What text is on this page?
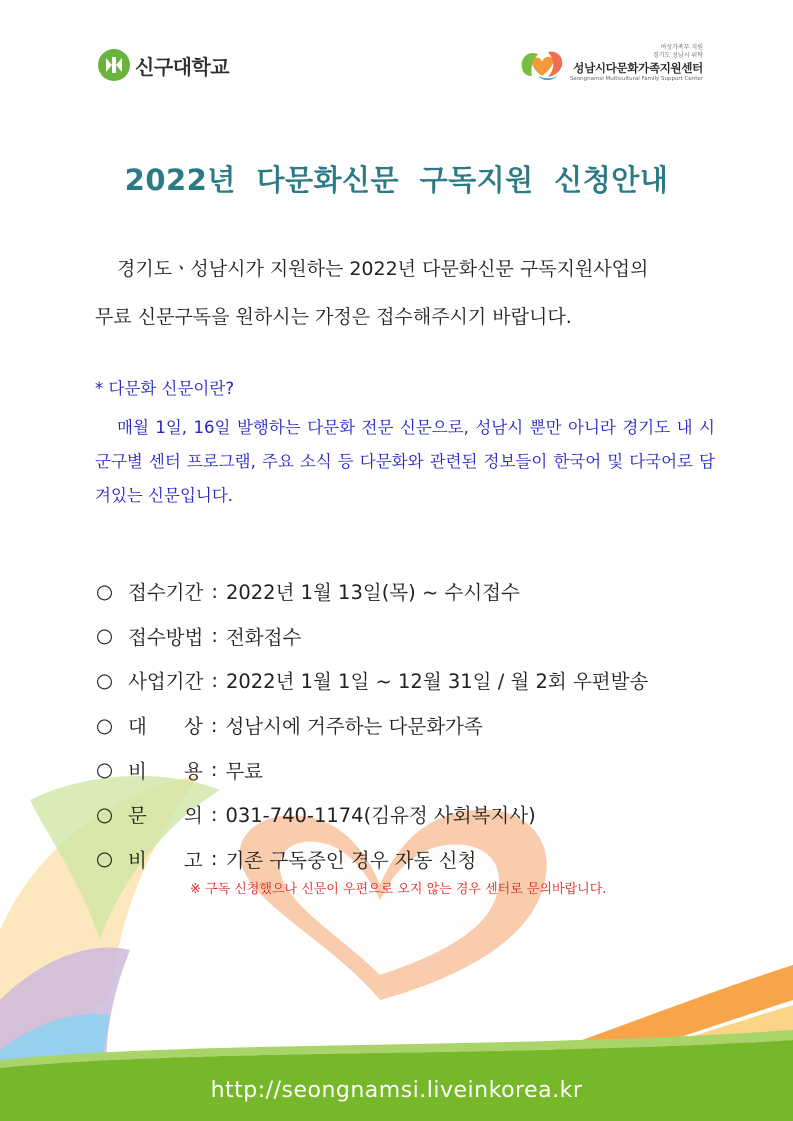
신구대학교
여성가족부 지원
경기도 성남시 위탁
성남시다문화가족지원센터
Seongnamsi Multicultural Family Support Center
2022년 다문화신문 구독지원 신청안내

경기도ㆍ성남시가 지원하는 2022년 다문화신문 구독지원사업의

무료 신문구독을 원하시는 가정은 접수해주시기 바랍니다.

* 다문화 신문이란?

매월 1일, 16일 발행하는 다문화 전문 신문으로, 성남시 뿐만 아니라 경기도 내 시군구별 센터 프로그램, 주요 소식 등 다문화와 관련된 정보들이 한국어 및 다국어로 담겨있는 신문입니다.

○ 접수기간 : 2022년 1월 13일(목) ~ 수시접수
○ 접수방법 : 전화접수
○ 사업기간 : 2022년 1월 1일 ~ 12월 31일 / 월 2회 우편발송
○ 대      상 : 성남시에 거주하는 다문화가족
○ 비      용 : 무료
○ 문      의 : 031-740-1174(김유정 사회복지사)
○ 비      고 : 기존 구독중인 경우 자동 신청
※ 구독 신청했으나 신문이 우편으로 오지 않는 경우 센터로 문의바랍니다.
http://seongnamsi.liveinkorea.kr
